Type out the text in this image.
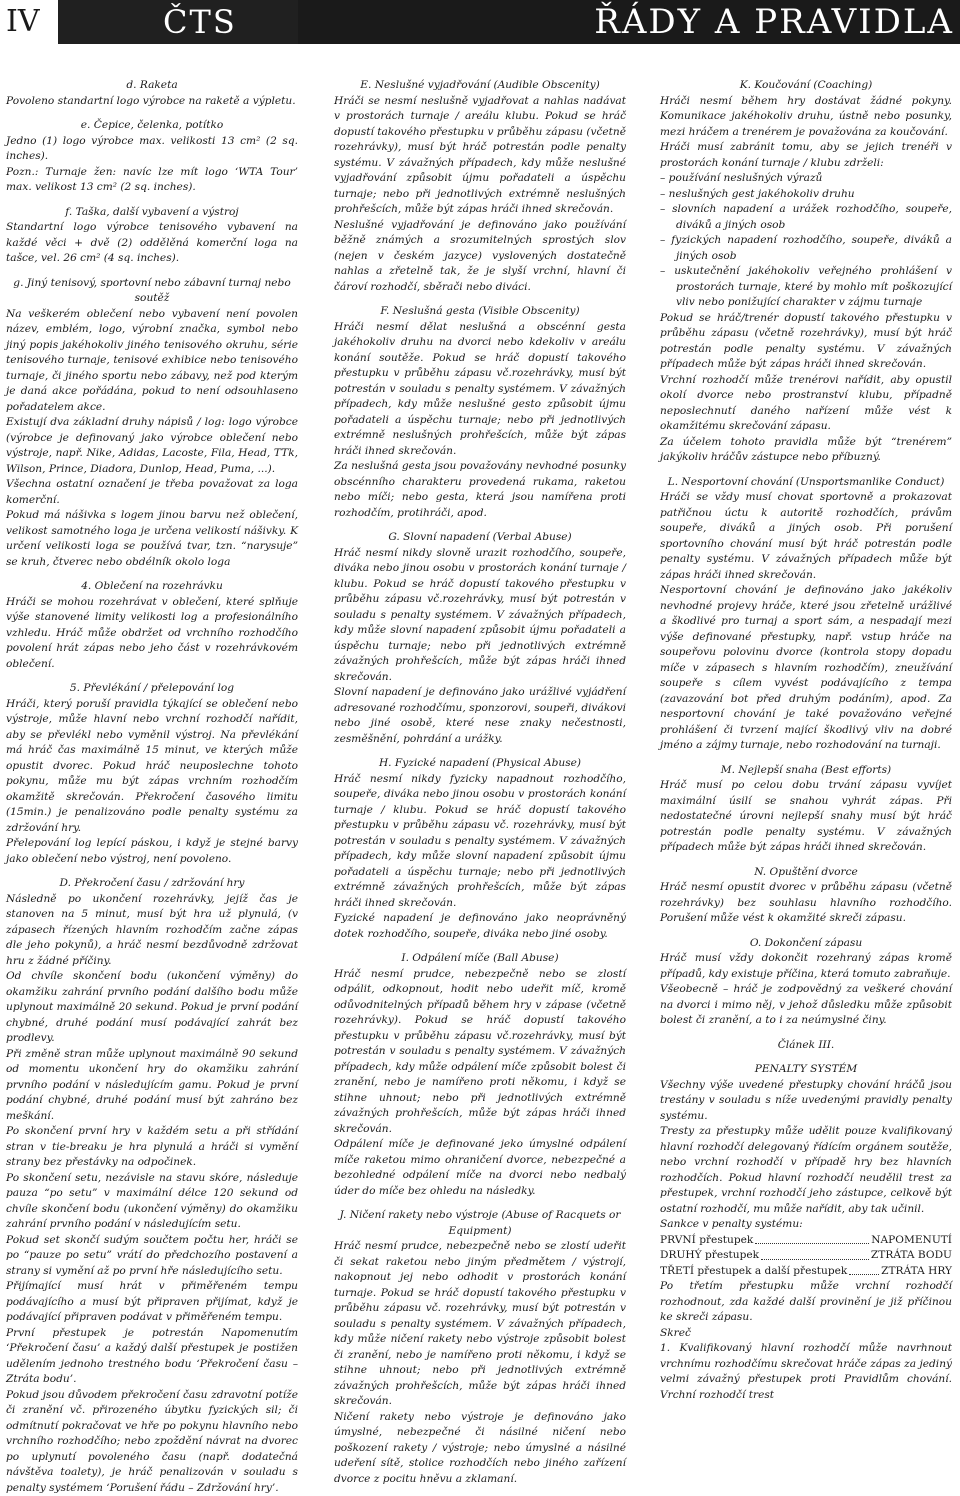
IV	ČTS	ŘÁDY A PRAVIDLA

d. Raketa

Povoleno standartní logo výrobce na raketě a výpletu.

e. Čepice, čelenka, potítko

Jedno (1) logo výrobce max. velikosti 13 cm² (2 sq. inches).

Pozn.: Turnaje žen: navíc lze mít logo ‘WTA Tour’ max. velikost 13 cm² (2 sq. inches).

f. Taška, další vybavení a výstroj

Standartní logo výrobce tenisového vybavení na každé věci + dvě (2) oddělěná komerční loga na tašce, vel. 26 cm² (4 sq. inches).

g. Jiný tenisový, sportovní nebo zábavní turnaj nebo soutěž

Na veškerém oblečení nebo vybavení není povolen název, emblém, logo, výrobní značka, symbol nebo jiný popis jakéhokoliv jiného tenisového okruhu, série tenisového turnaje, tenisové exhibice nebo tenisového turnaje, či jiného sportu nebo zábavy, než pod kterým je daná akce pořádána, pokud to není odsouhlaseno pořadatelem akce.

Existují dva základní druhy nápisů / log: logo výrobce (výrobce je definovaný jako výrobce oblečení nebo výstroje, např. Nike, Adidas, Lacoste, Fila, Head, TTk, Wilson, Prince, Diadora, Dunlop, Head, Puma, ...).

Všechna ostatní označení je třeba považovat za loga komerční.

Pokud má nášivka s logem jinou barvu než oblečení, velikost samotného loga je určena velikostí nášivky. K určení velikosti loga se používá tvar, tzn. “narysuje” se kruh, čtverec nebo obdélník okolo loga

4. Oblečení na rozehrávku

Hráči se mohou rozehrávat v oblečení, které splňuje výše stanovené limity velikosti log a profesionálního vzhledu. Hráč může obdržet od vrchního rozhodčího povolení hrát zápas nebo jeho část v rozehrávkovém oblečení.

5. Převlékání / přelepování log

Hráči, který poruší pravidla týkající se oblečení nebo výstroje, může hlavní nebo vrchní rozhodčí nařídit, aby se převlékl nebo vyměnil výstroj. Na převlékání má hráč čas maximálně 15 minut, ve kterých může opustit dvorec. Pokud hráč neuposlechne tohoto pokynu, může mu být zápas vrchním rozhodčím okamžitě skrečován. Překročení časového limitu (15min.) je penalizováno podle penalty systému za zdržování hry.

Přelepování log lepící páskou, i když je stejné barvy jako oblečení nebo výstroj, není povoleno.

D. Překročení času / zdržování hry

Následně po ukončení rozehrávky, jejíž čas je stanoven na 5 minut, musí být hra už plynulá, (v zápasech řízených hlavním rozhodčím začne zápas dle jeho pokynů), a hráč nesmí bezdůvodně zdržovat hru z žádné příčiny.

Od chvíle skončení bodu (ukončení výměny) do okamžiku zahrání prvního podání dalšího bodu může uplynout maximálně 20 sekund. Pokud je první podání chybné, druhé podání musí podávající zahrát bez prodlevy.

Při změně stran může uplynout maximálně 90 sekund od momentu ukončení hry do okamžiku zahrání prvního podání v následujícím gamu. Pokud je první podání chybné, druhé podání musí být zahráno bez meškání.

Po skončení první hry v každém setu a při střídání stran v tie-breaku je hra plynulá a hráči si vymění strany bez přestávky na odpočinek.

Po skončení setu, nezávisle na stavu skóre, následuje pauza “po setu” v maximální délce 120 sekund od chvíle skončení bodu (ukončení výměny) do okamžiku zahrání prvního podání v následujícím setu.

Pokud set skončí sudým součtem počtu her, hráči se po “pauze po setu” vrátí do předchozího postavení a strany si vymění až po první hře následujícího setu.

Přijímající musí hrát v přiměřeném tempu podávajícího a musí být připraven přijímat, když je podávající připraven podávat v přiměřeném tempu.

První přestupek je potrestán Napomenutím ‘Překročení času’ a každý další přestupek je postižen udělením jednoho trestného bodu ‘Překročení času – Ztráta bodu’.

Pokud jsou důvodem překročení času zdravotní potíže či zranění vč. přirozeného úbytku fyzických sil; či odmítnutí pokračovat ve hře po pokynu hlavního nebo vrchního rozhodčího; nebo zpoždění návrat na dvorec po uplynutí povoleného času (např. dodatečná návštěva toalety), je hráč penalizován v souladu s penalty systémem ‘Porušení řádu – Zdržování hry’.

E. Neslušné vyjadřování (Audible Obscenity)

Hráči se nesmí neslušně vyjadřovat a nahlas nadávat v prostorách turnaje / areálu klubu. Pokud se hráč dopustí takového přestupku v průběhu zápasu (včetně rozehrávky), musí být hráč potrestán podle penalty systému. V závažných případech, kdy může neslušné vyjadřování způsobit újmu pořadateli a úspěchu turnaje; nebo při jednotlivých extrémně neslušných prohřešcích, může být zápas hráči ihned skrečován.

Neslušné vyjadřování je definováno jako používání běžně známých a srozumitelných sprostých slov (nejen v českém jazyce) vyslovených dostatečně nahlas a zřetelně tak, že je slyší vrchní, hlavní či čároví rozhodčí, sběrači nebo diváci.

F. Neslušná gesta (Visible Obscenity)

Hráči nesmí dělat neslušná a obscénní gesta jakéhokoliv druhu na dvorci nebo kdekoliv v areálu konání soutěže. Pokud se hráč dopustí takového přestupku v průběhu zápasu vč.rozehrávky, musí být potrestán v souladu s penalty systémem. V závažných případech, kdy může neslušné gesto způsobit újmu pořadateli a úspěchu turnaje; nebo při jednotlivých extrémně neslušných prohřešcích, může být zápas hráči ihned skrečován.

Za neslušná gesta jsou považovány nevhodné posunky obscénního charakteru provedená rukama, raketou nebo míči; nebo gesta, která jsou namířena proti rozhodčím, protihráči, apod.

G. Slovní napadení (Verbal Abuse)

Hráč nesmí nikdy slovně urazit rozhodčího, soupeře, diváka nebo jinou osobu v prostorách konání turnaje / klubu. Pokud se hráč dopustí takového přestupku v průběhu zápasu vč.rozehrávky, musí být potrestán v souladu s penalty systémem. V závažných případech, kdy může slovní napadení způsobit újmu pořadateli a úspěchu turnaje; nebo při jednotlivých extrémně závažných prohřešcích, může být zápas hráči ihned skrečován.

Slovní napadení je definováno jako urážlivé vyjádření adresované rozhodčímu, sponzorovi, soupeři, divákovi nebo jiné osobě, které nese znaky nečestnosti, zesměšnění, pohrdání a urážky.

H. Fyzické napadení (Physical Abuse)

Hráč nesmí nikdy fyzicky napadnout rozhodčího, soupeře, diváka nebo jinou osobu v prostorách konání turnaje / klubu. Pokud se hráč dopustí takového přestupku v průběhu zápasu vč. rozehrávky, musí být potrestán v souladu s penalty systémem. V závažných případech, kdy může slovní napadení způsobit újmu pořadateli a úspěchu turnaje; nebo při jednotlivých extrémně závažných prohřešcích, může být zápas hráči ihned skrečován.

Fyzické napadení je definováno jako neoprávněný dotek rozhodčího, soupeře, diváka nebo jiné osoby.

I. Odpálení míče (Ball Abuse)

Hráč nesmí prudce, nebezpečně nebo se zlostí odpálit, odkopnout, hodit nebo udeřit míč, kromě odůvodnitelných případů během hry v zápase (včetně rozehrávky). Pokud se hráč dopustí takového přestupku v průběhu zápasu vč.rozehrávky, musí být potrestán v souladu s penalty systémem. V závažných případech, kdy může odpálení míče způsobit bolest či zranění, nebo je namířeno proti někomu, i když se stihne uhnout; nebo při jednotlivých extrémně závažných prohřešcích, může být zápas hráči ihned skrečován.

Odpálení míče je definované jeko úmyslné odpálení míče raketou mimo ohraničení dvorce, nebezpečné a bezohledné odpálení míče na dvorci nebo nedbalý úder do míče bez ohledu na následky.

J. Ničení rakety nebo výstroje (Abuse of Racquets or Equipment)

Hráč nesmí prudce, nebezpečně nebo se zlostí udeřit či sekat raketou nebo jiným předmětem / výstrojí, nakopnout jej nebo odhodit v prostorách konání turnaje. Pokud se hráč dopustí takového přestupku v průběhu zápasu vč. rozehrávky, musí být potrestán v souladu s penalty systémem. V závažných případech, kdy může ničení rakety nebo výstroje způsobit bolest či zranění, nebo je namířeno proti někomu, i když se stihne uhnout; nebo při jednotlivých extrémně závažných prohřešcích, může být zápas hráči ihned skrečován.

Ničení rakety nebo výstroje je definováno jako úmyslné, nebezpečné či násilné ničení nebo poškození rakety / výstroje; nebo úmyslné a násilné udeření sítě, stolice rozhodčích nebo jiného zařízení dvorce z pocitu hněvu a zklamaní.

K. Koučování (Coaching)

Hráči nesmí během hry dostávat žádné pokyny. Komunikace jakéhokoliv druhu, ústně nebo posunky, mezi hráčem a trenérem je považována za koučování.

Hráči musí zabránit tomu, aby se jejich trenéři v prostorách konání turnaje / klubu zdrželi:

– používání neslušných výrazů

– neslušných gest jakéhokoliv druhu

– slovních napadení a urážek rozhodčího, soupeře, diváků a jiných osob

– fyzických napadení rozhodčího, soupeře, diváků a jiných osob

– uskutečnění jakéhokoliv veřejného prohlášení v prostorách turnaje, které by mohlo mít poškozující vliv nebo ponižující charakter v zájmu turnaje

Pokud se hráč/trenér dopustí takového přestupku v průběhu zápasu (včetně rozehrávky), musí být hráč potrestán podle penalty systému. V závažných případech může být zápas hráči ihned skrečován.

Vrchní rozhodčí může trenérovi nařídit, aby opustil okolí dvorce nebo prostranství klubu, případně neposlechnutí daného nařízení může vést k okamžitému skrečování zápasu.

Za účelem tohoto pravidla může být “trenérem” jakýkoliv hráčův zástupce nebo příbuzný.

L. Nesportovní chování (Unsportsmanlike Conduct)

Hráči se vždy musí chovat sportovně a prokazovat patřičnou úctu k autoritě rozhodčích, právům soupeře, diváků a jiných osob. Při porušení sportovního chování musí být hráč potrestán podle penalty systému. V závažných případech může být zápas hráči ihned skrečován.

Nesportovní chování je definováno jako jakékoliv nevhodné projevy hráče, které jsou zřetelně urážlivé a škodlivé pro turnaj a sport sám, a nespadají mezi výše definované přestupky, např. vstup hráče na soupeřovu polovinu dvorce (kontrola stopy dopadu míče v zápasech s hlavním rozhodčím), zneužívání soupeře s cílem vyvést podávajícího z tempa (zavazování bot před druhým podáním), apod. Za nesportovní chování je také považováno veřejné prohlášení či tvrzení mající škodlivý vliv na dobré jméno a zájmy turnaje, nebo rozhodování na turnaji.

M. Nejlepší snaha (Best efforts)

Hráč musí po celou dobu trvání zápasu vyvíjet maximální úsilí se snahou vyhrát zápas. Při nedostatečné úrovni nejlepší snahy musí být hráč potrestán podle penalty systému. V závažných případech může být zápas hráči ihned skrečován.

N. Opuštění dvorce

Hráč nesmí opustit dvorec v průběhu zápasu (včetně rozehrávky) bez souhlasu hlavního rozhodčího. Porušení může vést k okamžité skreči zápasu.

O. Dokončení zápasu

Hráč musí vždy dokončit rozehraný zápas kromě případů, kdy existuje příčina, která tomuto zabraňuje.

Všeobecně – hráč je zodpovědný za veškeré chování na dvorci i mimo něj, v jehož důsledku může způsobit bolest či zranění, a to i za neúmyslné činy.

Článek III.

PENALTY SYSTÉM

Všechny výše uvedené přestupky chování hráčů jsou trestány v souladu s níže uvedenými pravidly penalty systému.

Tresty za přestupky může udělit pouze kvalifikovaný hlavní rozhodčí delegovaný řídícím orgánem soutěže, nebo vrchní rozhodčí v případě hry bez hlavních rozhodčích. Pokud hlavní rozhodčí neudělil trest za přestupek, vrchní rozhodčí jeho zástupce, celkově být ostatní rozhodčí, mu může nařídit, aby tak učinil.

Sankce v penalty systému:

PRVNÍ přestupek	NAPOMENUTÍ
DRUHÝ přestupek	ZTRÁTA BODU
TŘETÍ přestupek a další přestupek	ZTRÁTA HRY

Po třetím přestupku může vrchní rozhodčí rozhodnout, zda každé další provinění je již příčinou ke skreči zápasu.

Skreč

1. Kvalifikovaný hlavní rozhodčí může navrhnout vrchnímu rozhodčímu skrečovat hráče zápas za jediný velmi závažný přestupek proti Pravidlům chování. Vrchní rozhodčí trest
